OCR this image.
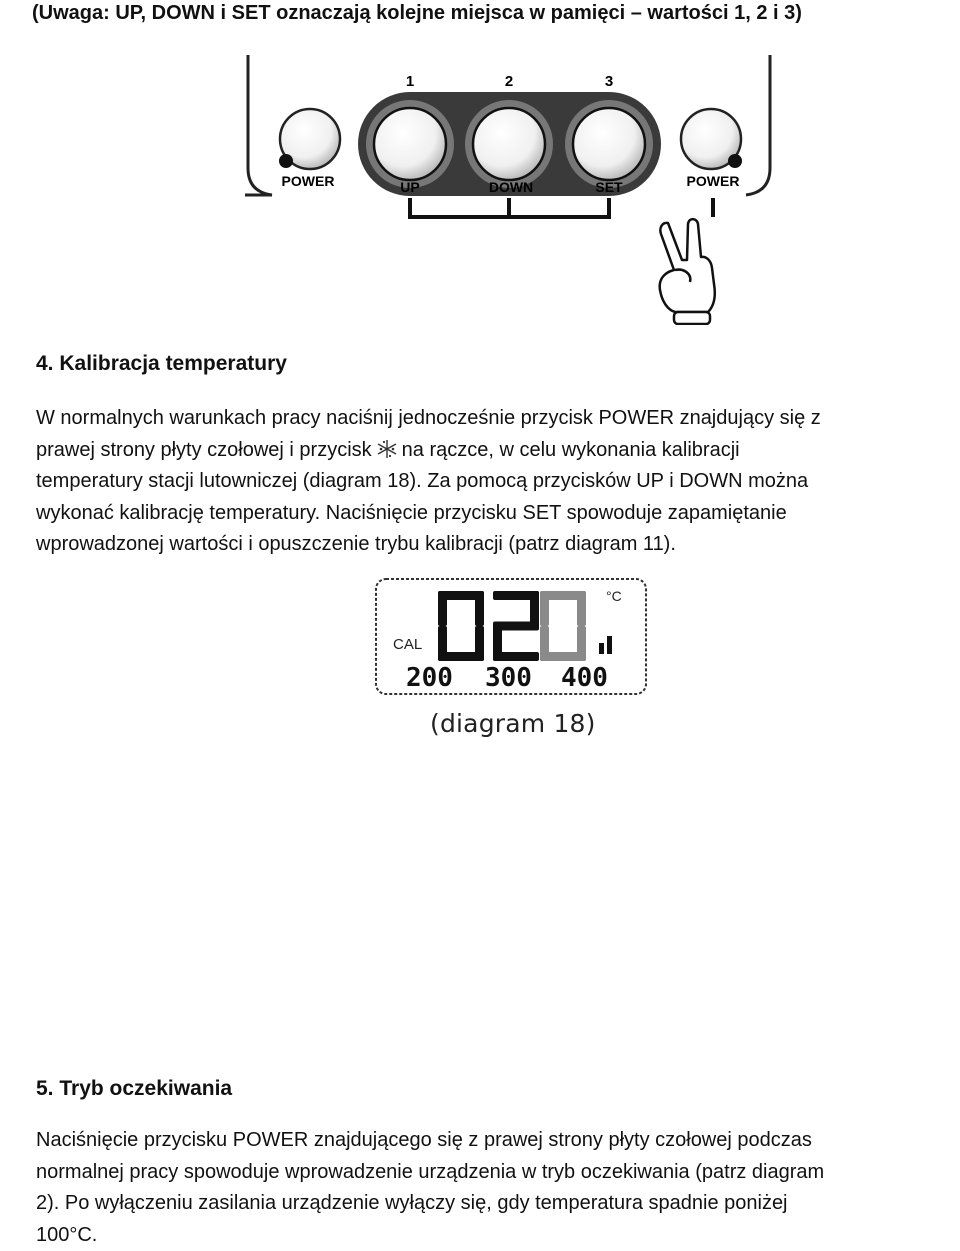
(Uwaga: UP, DOWN i SET oznaczają kolejne miejsca w pamięci – wartości 1, 2 i 3)
1	2	3
POWER	UP	DOWN	SET	POWER
4. Kalibracja temperatury
W normalnych warunkach pracy naciśnij jednocześnie przycisk POWER znajdujący się z
prawej strony płyty czołowej i przycisk na rączce, w celu wykonania kalibracji
temperatury stacji lutowniczej (diagram 18). Za pomocą przycisków UP i DOWN można
wykonać kalibrację temperatury. Naciśnięcie przycisku SET spowoduje zapamiętanie
wprowadzonej wartości i opuszczenie trybu kalibracji (patrz diagram 11).
CAL
°C
200 300 400
(diagram 18)
5. Tryb oczekiwania
Naciśnięcie przycisku POWER znajdującego się z prawej strony płyty czołowej podczas
normalnej pracy spowoduje wprowadzenie urządzenia w tryb oczekiwania (patrz diagram
2). Po wyłączeniu zasilania urządzenie wyłączy się, gdy temperatura spadnie poniżej
100°C.
